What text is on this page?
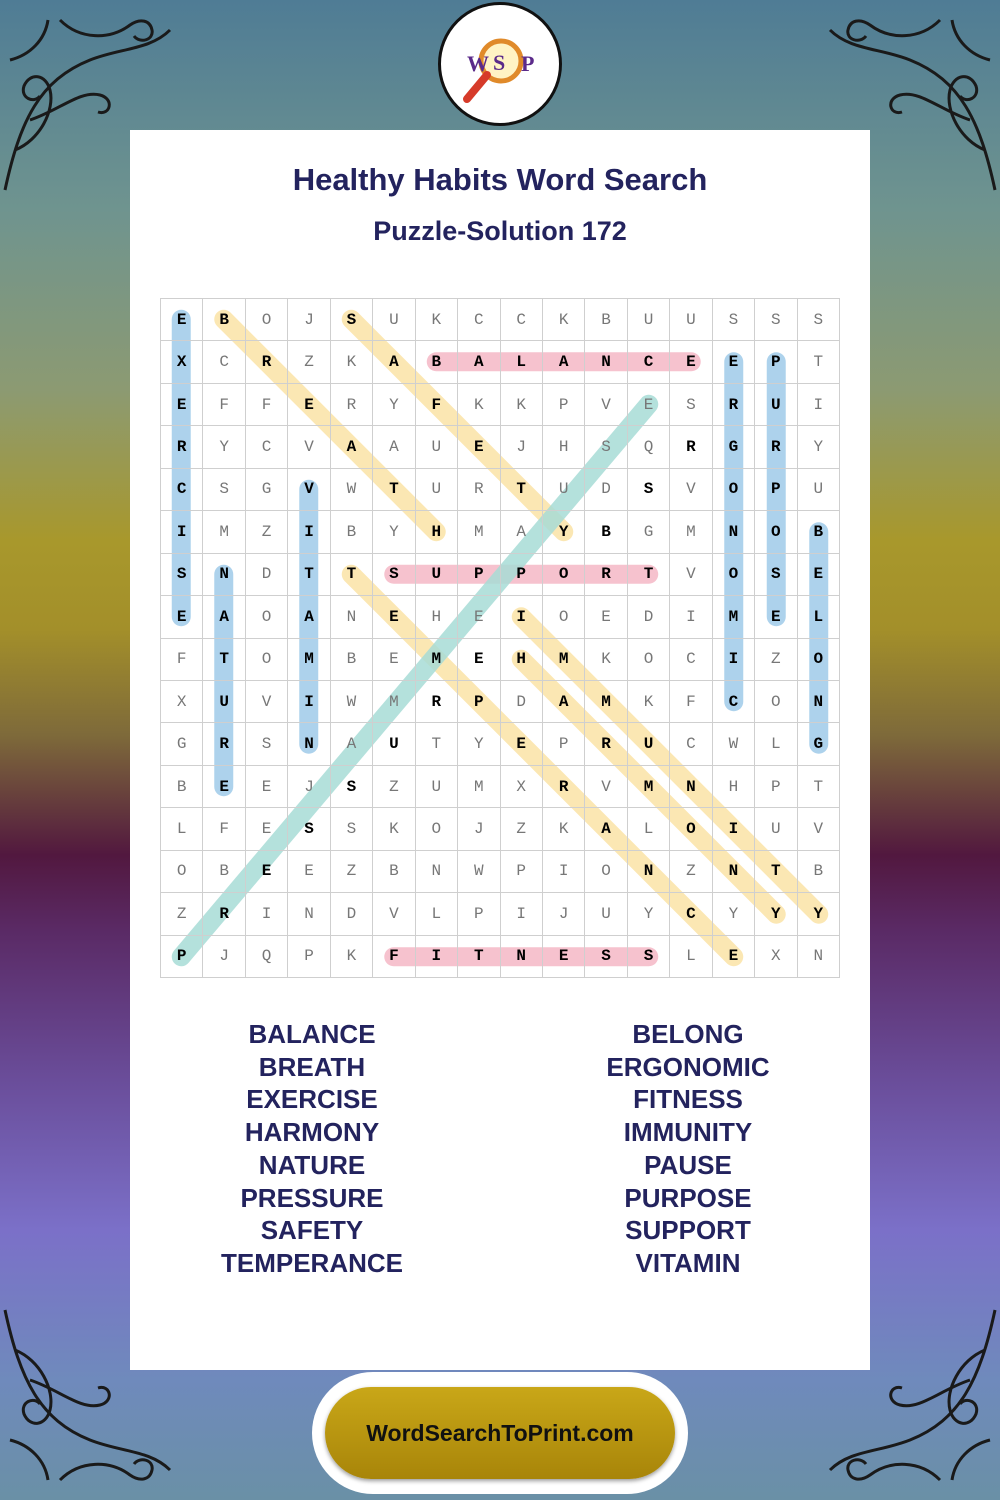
W S P
Healthy Habits Word Search
Puzzle-Solution 172
E	B	O	J	S	U	K	C	C	K	B	U	U	S	S	S
X	C	R	Z	K	A	B	A	L	A	N	C	E	E	P	T
E	F	F	E	R	Y	F	K	K	P	V	E	S	R	U	I
R	Y	C	V	A	A	U	E	J	H	S	Q	R	G	R	Y
C	S	G	V	W	T	U	R	T	U	D	S	V	O	P	U
I	M	Z	I	B	Y	H	M	A	Y	B	G	M	N	O	B
S	N	D	T	T	S	U	P	P	O	R	T	V	O	S	E
E	A	O	A	N	E	H	E	I	O	E	D	I	M	E	L
F	T	O	M	B	E	M	E	H	M	K	O	C	I	Z	O
X	U	V	I	W	M	R	P	D	A	M	K	F	C	O	N
G	R	S	N	A	U	T	Y	E	P	R	U	C	W	L	G
B	E	E	J	S	Z	U	M	X	R	V	M	N	H	P	T
L	F	E	S	S	K	O	J	Z	K	A	L	O	I	U	V
O	B	E	E	Z	B	N	W	P	I	O	N	Z	N	T	B
Z	R	I	N	D	V	L	P	I	J	U	Y	C	Y	Y	Y
P	J	Q	P	K	F	I	T	N	E	S	S	L	E	X	N
BALANCE
BREATH
EXERCISE
HARMONY
NATURE
PRESSURE
SAFETY
TEMPERANCE
BELONG
ERGONOMIC
FITNESS
IMMUNITY
PAUSE
PURPOSE
SUPPORT
VITAMIN
WordSearchToPrint.com
